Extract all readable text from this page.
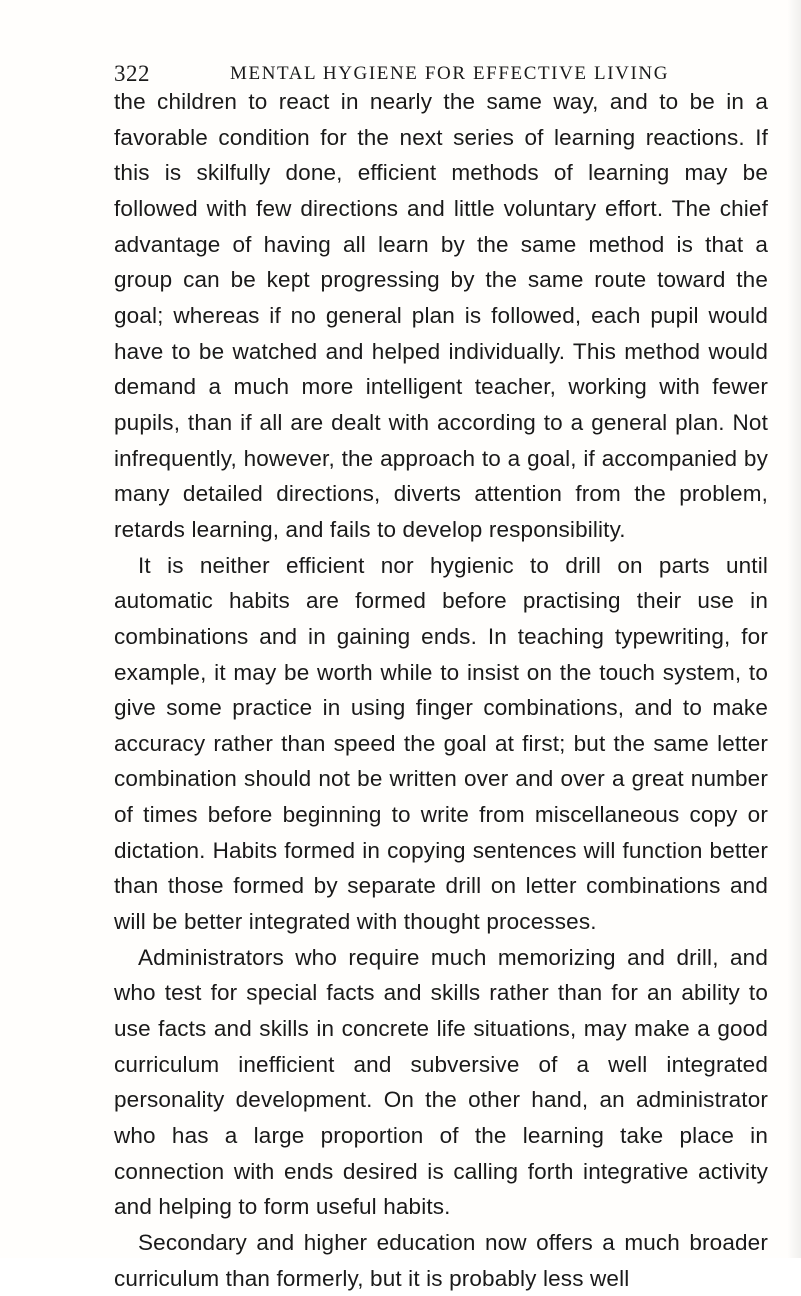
322	MENTAL HYGIENE FOR EFFECTIVE LIVING

the children to react in nearly the same way, and to be in a favorable condition for the next series of learning reactions. If this is skilfully done, efficient methods of learning may be followed with few directions and little voluntary effort. The chief advantage of having all learn by the same method is that a group can be kept progressing by the same route toward the goal; whereas if no general plan is followed, each pupil would have to be watched and helped individually. This method would demand a much more intelligent teacher, working with fewer pupils, than if all are dealt with according to a general plan. Not infrequently, however, the approach to a goal, if accompanied by many detailed directions, diverts attention from the problem, retards learning, and fails to develop responsibility.

It is neither efficient nor hygienic to drill on parts until automatic habits are formed before practising their use in combinations and in gaining ends. In teaching typewriting, for example, it may be worth while to insist on the touch system, to give some practice in using finger combinations, and to make accuracy rather than speed the goal at first; but the same letter combination should not be written over and over a great number of times before beginning to write from miscellaneous copy or dictation. Habits formed in copying sentences will function better than those formed by separate drill on letter combinations and will be better integrated with thought processes.

Administrators who require much memorizing and drill, and who test for special facts and skills rather than for an ability to use facts and skills in concrete life situations, may make a good curriculum inefficient and subversive of a well integrated personality development. On the other hand, an administrator who has a large proportion of the learning take place in connection with ends desired is calling forth integrative activity and helping to form useful habits.

Secondary and higher education now offers a much broader curriculum than formerly, but it is probably less well
